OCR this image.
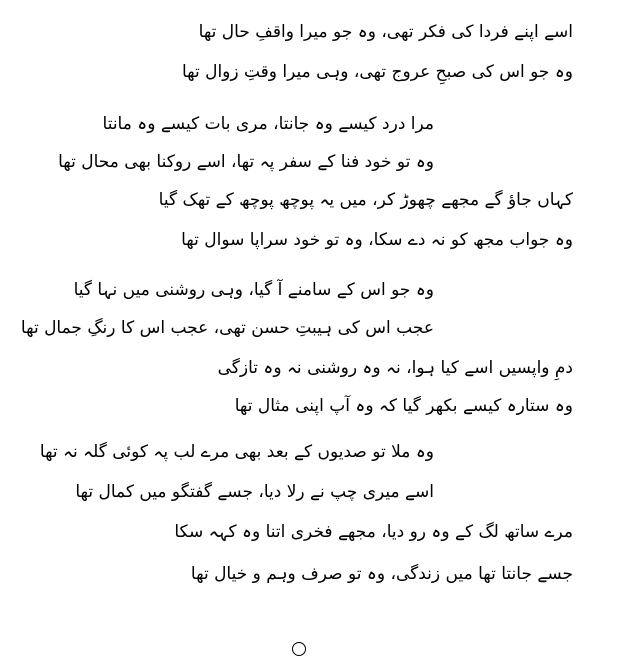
اسے اپنے فردا کی فکر تھی، وہ جو میرا واقفِ حال تھا
وہ جو اس کی صبحِ عروج تھی، وہی میرا وقتِ زوال تھا
مرا درد کیسے وہ جانتا، مری بات کیسے وہ مانتا
وہ تو خود فنا کے سفر پہ تھا، اسے روکنا بھی محال تھا
کہاں جاؤ گے مجھے چھوڑ کر، میں یہ پوچھ پوچھ کے تھک گیا
وہ جواب مجھ کو نہ دے سکا، وہ تو خود سراپا سوال تھا
وہ جو اس کے سامنے آ گیا، وہی روشنی میں نہا گیا
عجب اس کی ہیبتِ حسن تھی، عجب اس کا رنگِ جمال تھا
دمِ واپسیں اسے کیا ہوا، نہ وہ روشنی نہ وہ تازگی
وہ ستارہ کیسے بکھر گیا کہ وہ آپ اپنی مثال تھا
وہ ملا تو صدیوں کے بعد بھی مرے لب پہ کوئی گلہ نہ تھا
اسے میری چپ نے رلا دیا، جسے گفتگو میں کمال تھا
مرے ساتھ لگ کے وہ رو دیا، مجھے فخری اتنا وہ کہہ سکا
جسے جانتا تھا میں زندگی، وہ تو صرف وہم و خیال تھا
